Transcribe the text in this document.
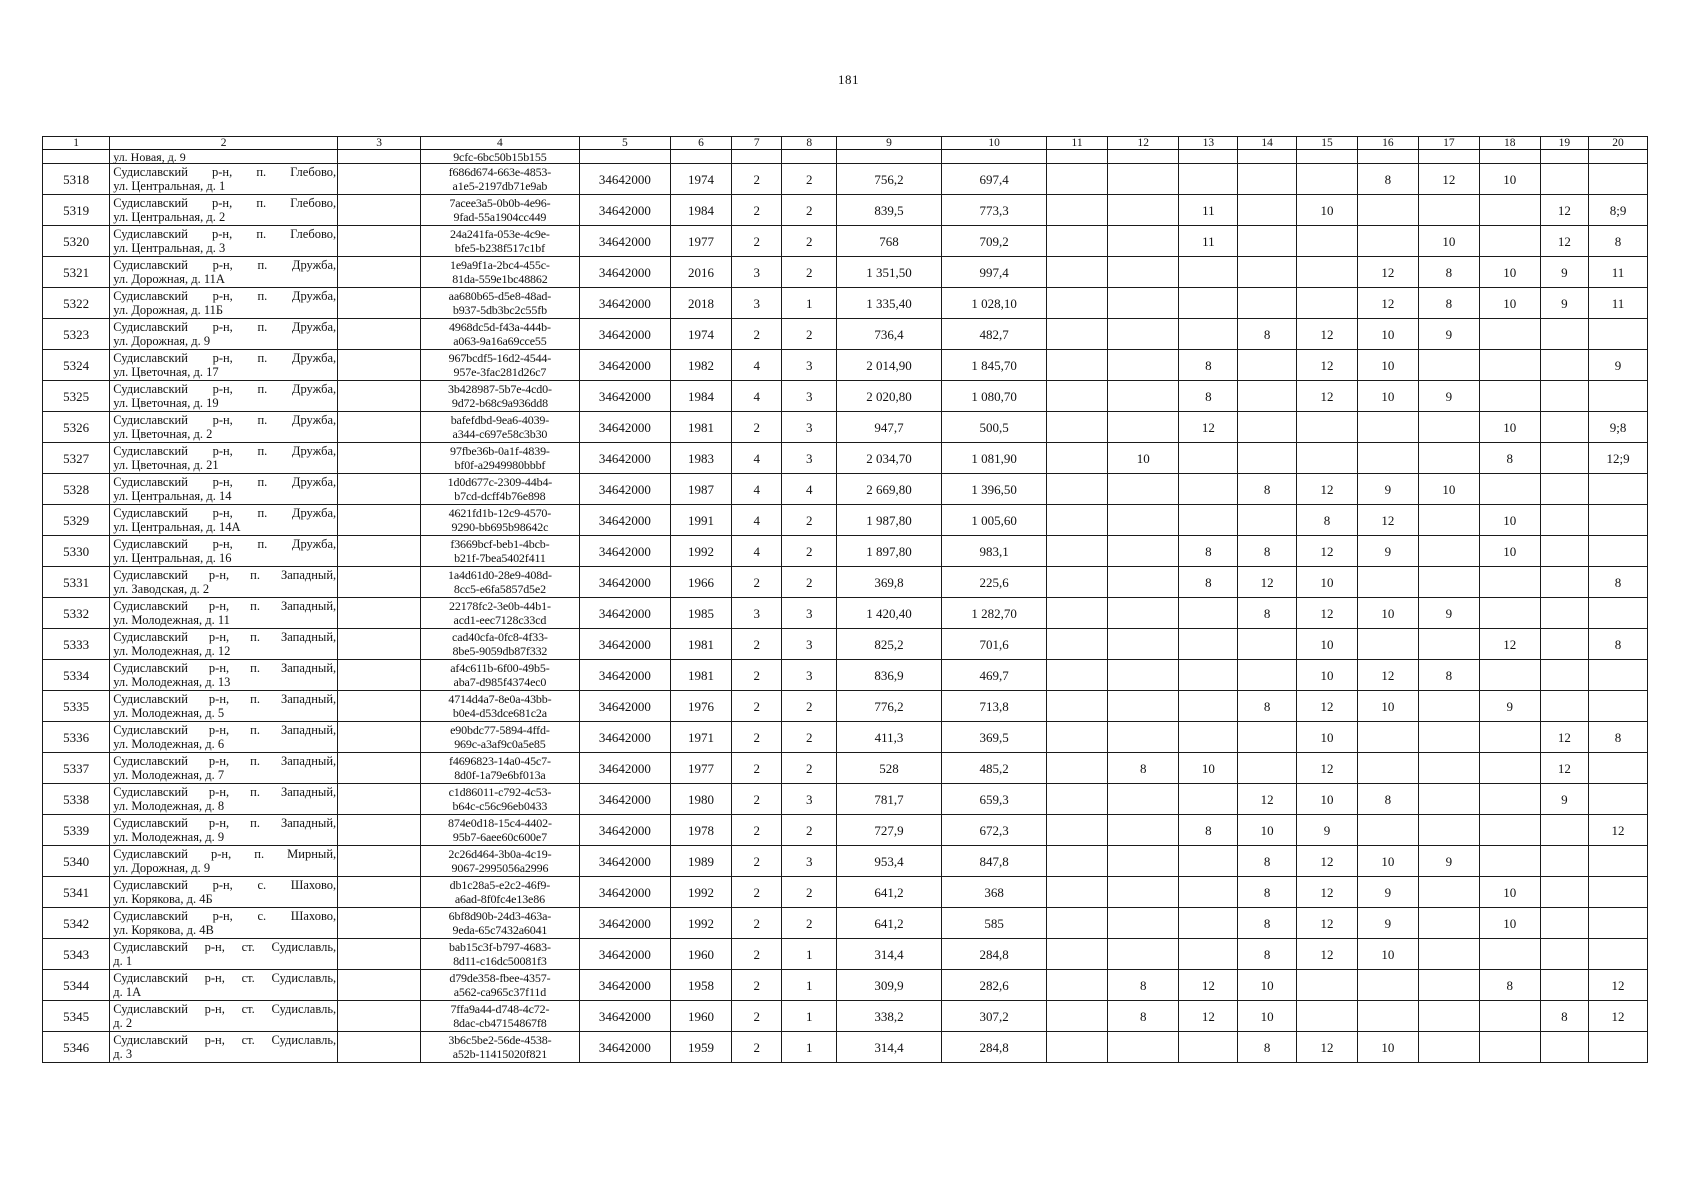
181
1	2	3	4	5	6	7	8	9	10	11	12	13	14	15	16	17	18	19	20
	ул. Новая, д. 9		9cfc-6bc50b15b155																
5318	Судиславский р-н, п. Глебово,
ул. Центральная, д. 1		f686d674-663e-4853-
a1e5-2197db71e9ab	34642000	1974	2	2	756,2	697,4						8	12	10		
5319	Судиславский р-н, п. Глебово,
ул. Центральная, д. 2		7acee3a5-0b0b-4e96-
9fad-55a1904cc449	34642000	1984	2	2	839,5	773,3			11		10				12	8;9
5320	Судиславский р-н, п. Глебово,
ул. Центральная, д. 3		24a241fa-053e-4c9e-
bfe5-b238f517c1bf	34642000	1977	2	2	768	709,2			11				10		12	8
5321	Судиславский р-н, п. Дружба,
ул. Дорожная, д. 11А		1e9a9f1a-2bc4-455c-
81da-559e1bc48862	34642000	2016	3	2	1 351,50	997,4						12	8	10	9	11
5322	Судиславский р-н, п. Дружба,
ул. Дорожная, д. 11Б		aa680b65-d5e8-48ad-
b937-5db3bc2c55fb	34642000	2018	3	1	1 335,40	1 028,10						12	8	10	9	11
5323	Судиславский р-н, п. Дружба,
ул. Дорожная, д. 9		4968dc5d-f43a-444b-
a063-9a16a69cce55	34642000	1974	2	2	736,4	482,7				8	12	10	9			
5324	Судиславский р-н, п. Дружба,
ул. Цветочная, д. 17		967bcdf5-16d2-4544-
957e-3fac281d26c7	34642000	1982	4	3	2 014,90	1 845,70			8		12	10				9
5325	Судиславский р-н, п. Дружба,
ул. Цветочная, д. 19		3b428987-5b7e-4cd0-
9d72-b68c9a936dd8	34642000	1984	4	3	2 020,80	1 080,70			8		12	10	9			
5326	Судиславский р-н, п. Дружба,
ул. Цветочная, д. 2		bafefdbd-9ea6-4039-
a344-c697e58c3b30	34642000	1981	2	3	947,7	500,5			12					10		9;8
5327	Судиславский р-н, п. Дружба,
ул. Цветочная, д. 21		97fbe36b-0a1f-4839-
bf0f-a2949980bbbf	34642000	1983	4	3	2 034,70	1 081,90		10						8		12;9
5328	Судиславский р-н, п. Дружба,
ул. Центральная, д. 14		1d0d677c-2309-44b4-
b7cd-dcff4b76e898	34642000	1987	4	4	2 669,80	1 396,50				8	12	9	10			
5329	Судиславский р-н, п. Дружба,
ул. Центральная, д. 14А		4621fd1b-12c9-4570-
9290-bb695b98642c	34642000	1991	4	2	1 987,80	1 005,60					8	12		10		
5330	Судиславский р-н, п. Дружба,
ул. Центральная, д. 16		f3669bcf-beb1-4bcb-
b21f-7bea5402f411	34642000	1992	4	2	1 897,80	983,1			8	8	12	9		10		
5331	Судиславский р-н, п. Западный,
ул. Заводская, д. 2		1a4d61d0-28e9-408d-
8cc5-e6fa5857d5e2	34642000	1966	2	2	369,8	225,6			8	12	10					8
5332	Судиславский р-н, п. Западный,
ул. Молодежная, д. 11		22178fc2-3e0b-44b1-
acd1-eec7128c33cd	34642000	1985	3	3	1 420,40	1 282,70				8	12	10	9			
5333	Судиславский р-н, п. Западный,
ул. Молодежная, д. 12		cad40cfa-0fc8-4f33-
8be5-9059db87f332	34642000	1981	2	3	825,2	701,6					10			12		8
5334	Судиславский р-н, п. Западный,
ул. Молодежная, д. 13		af4c611b-6f00-49b5-
aba7-d985f4374ec0	34642000	1981	2	3	836,9	469,7					10	12	8			
5335	Судиславский р-н, п. Западный,
ул. Молодежная, д. 5		4714d4a7-8e0a-43bb-
b0e4-d53dce681c2a	34642000	1976	2	2	776,2	713,8				8	12	10		9		
5336	Судиславский р-н, п. Западный,
ул. Молодежная, д. 6		e90bdc77-5894-4ffd-
969c-a3af9c0a5e85	34642000	1971	2	2	411,3	369,5					10				12	8
5337	Судиславский р-н, п. Западный,
ул. Молодежная, д. 7		f4696823-14a0-45c7-
8d0f-1a79e6bf013a	34642000	1977	2	2	528	485,2		8	10		12				12	
5338	Судиславский р-н, п. Западный,
ул. Молодежная, д. 8		c1d86011-c792-4c53-
b64c-c56c96eb0433	34642000	1980	2	3	781,7	659,3				12	10	8			9	
5339	Судиславский р-н, п. Западный,
ул. Молодежная, д. 9		874e0d18-15c4-4402-
95b7-6aee60c600e7	34642000	1978	2	2	727,9	672,3			8	10	9					12
5340	Судиславский р-н, п. Мирный,
ул. Дорожная, д. 9		2c26d464-3b0a-4c19-
9067-2995056a2996	34642000	1989	2	3	953,4	847,8				8	12	10	9			
5341	Судиславский р-н, с. Шахово,
ул. Корякова, д. 4Б		db1c28a5-e2c2-46f9-
a6ad-8f0fc4e13e86	34642000	1992	2	2	641,2	368				8	12	9		10		
5342	Судиславский р-н, с. Шахово,
ул. Корякова, д. 4В		6bf8d90b-24d3-463a-
9eda-65c7432a6041	34642000	1992	2	2	641,2	585				8	12	9		10		
5343	Судиславский р-н, ст. Судиславль,
д. 1		bab15c3f-b797-4683-
8d11-c16dc50081f3	34642000	1960	2	1	314,4	284,8				8	12	10				
5344	Судиславский р-н, ст. Судиславль,
д. 1А		d79de358-fbee-4357-
a562-ca965c37f11d	34642000	1958	2	1	309,9	282,6		8	12	10				8		12
5345	Судиславский р-н, ст. Судиславль,
д. 2		7ffa9a44-d748-4c72-
8dac-cb47154867f8	34642000	1960	2	1	338,2	307,2		8	12	10					8	12
5346	Судиславский р-н, ст. Судиславль,
д. 3		3b6c5be2-56de-4538-
a52b-11415020f821	34642000	1959	2	1	314,4	284,8				8	12	10				
